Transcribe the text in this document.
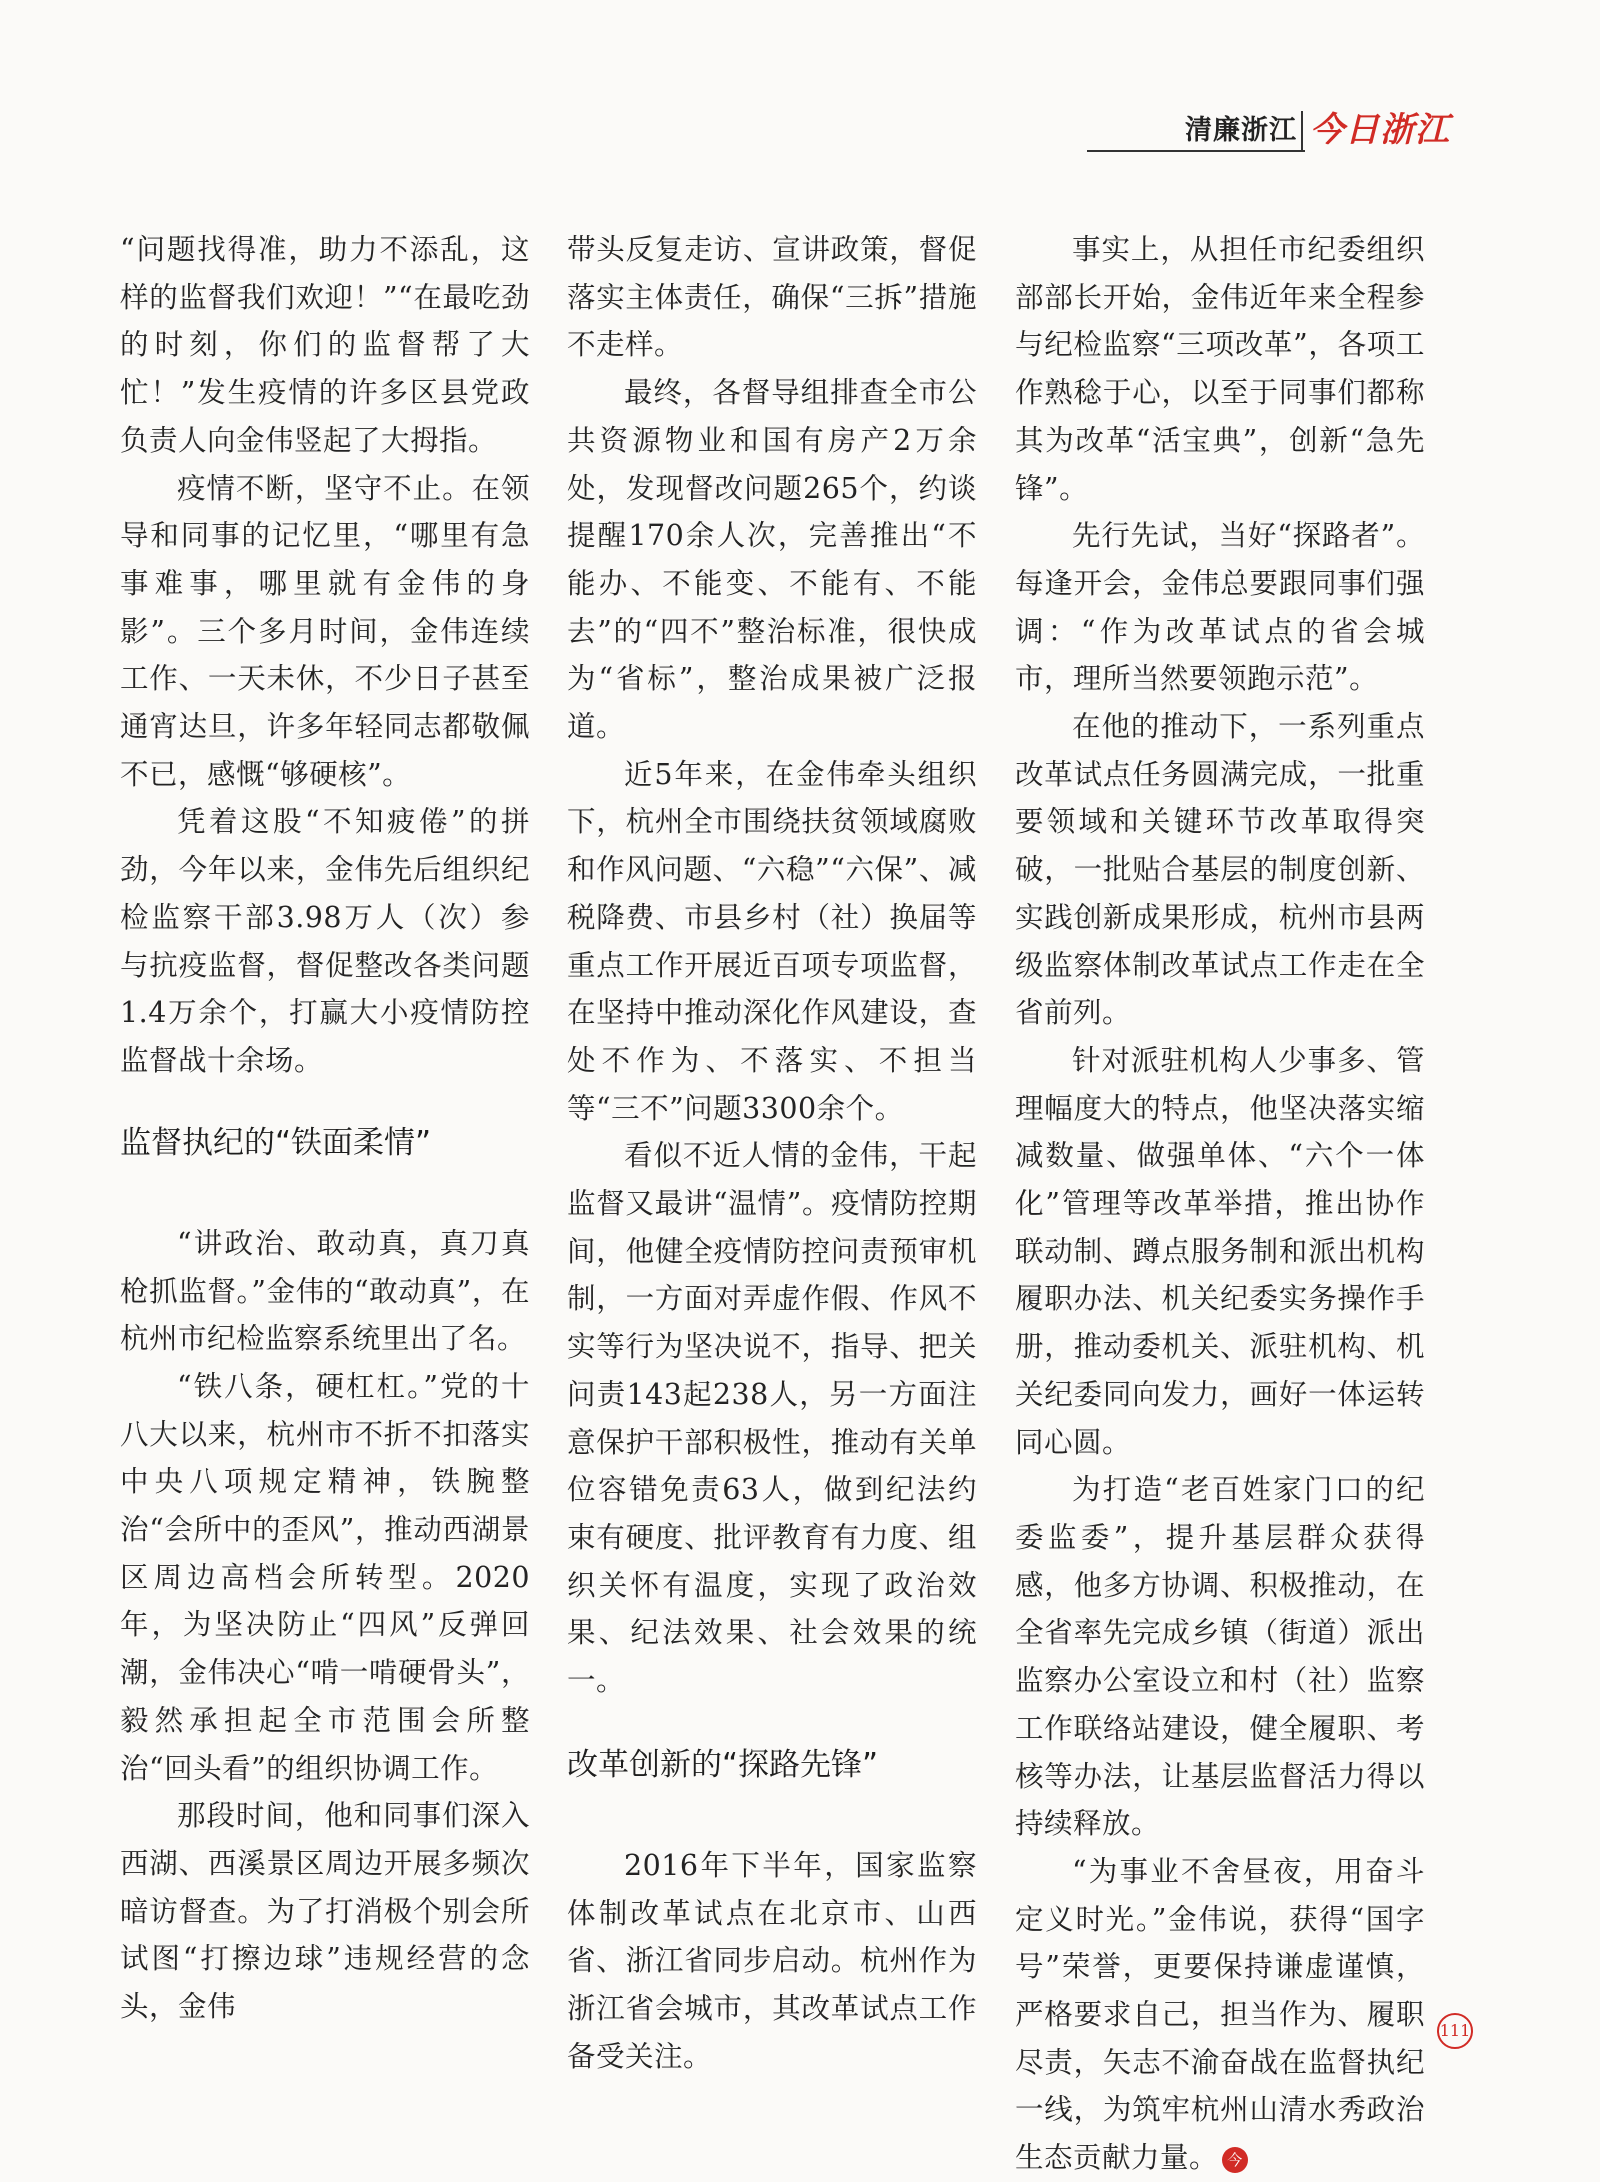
清廉浙江 今日浙江

“问题找得准，助力不添乱，这样的监督我们欢迎！”“在最吃劲的时刻，你们的监督帮了大忙！”发生疫情的许多区县党政负责人向金伟竖起了大拇指。

疫情不断，坚守不止。在领导和同事的记忆里，“哪里有急事难事，哪里就有金伟的身影”。三个多月时间，金伟连续工作、一天未休，不少日子甚至通宵达旦，许多年轻同志都敬佩不已，感慨“够硬核”。

凭着这股“不知疲倦”的拼劲，今年以来，金伟先后组织纪检监察干部3.98万人（次）参与抗疫监督，督促整改各类问题1.4万余个，打赢大小疫情防控监督战十余场。

监督执纪的“铁面柔情”

“讲政治、敢动真，真刀真枪抓监督。”金伟的“敢动真”，在杭州市纪检监察系统里出了名。

“铁八条，硬杠杠。”党的十八大以来，杭州市不折不扣落实中央八项规定精神，铁腕整治“会所中的歪风”，推动西湖景区周边高档会所转型。2020年，为坚决防止“四风”反弹回潮，金伟决心“啃一啃硬骨头”，毅然承担起全市范围会所整治“回头看”的组织协调工作。

那段时间，他和同事们深入西湖、西溪景区周边开展多频次暗访督查。为了打消极个别会所试图“打擦边球”违规经营的念头，金伟

带头反复走访、宣讲政策，督促落实主体责任，确保“三拆”措施不走样。

最终，各督导组排查全市公共资源物业和国有房产2万余处，发现督改问题265个，约谈提醒170余人次，完善推出“不能办、不能变、不能有、不能去”的“四不”整治标准，很快成为“省标”，整治成果被广泛报道。

近5年来，在金伟牵头组织下，杭州全市围绕扶贫领域腐败和作风问题、“六稳”“六保”、减税降费、市县乡村（社）换届等重点工作开展近百项专项监督，在坚持中推动深化作风建设，查处不作为、不落实、不担当等“三不”问题3300余个。

看似不近人情的金伟，干起监督又最讲“温情”。疫情防控期间，他健全疫情防控问责预审机制，一方面对弄虚作假、作风不实等行为坚决说不，指导、把关问责143起238人，另一方面注意保护干部积极性，推动有关单位容错免责63人，做到纪法约束有硬度、批评教育有力度、组织关怀有温度，实现了政治效果、纪法效果、社会效果的统一。

改革创新的“探路先锋”

2016年下半年，国家监察体制改革试点在北京市、山西省、浙江省同步启动。杭州作为浙江省会城市，其改革试点工作备受关注。

事实上，从担任市纪委组织部部长开始，金伟近年来全程参与纪检监察“三项改革”，各项工作熟稔于心，以至于同事们都称其为改革“活宝典”，创新“急先锋”。

先行先试，当好“探路者”。每逢开会，金伟总要跟同事们强调：“作为改革试点的省会城市，理所当然要领跑示范”。

在他的推动下，一系列重点改革试点任务圆满完成，一批重要领域和关键环节改革取得突破，一批贴合基层的制度创新、实践创新成果形成，杭州市县两级监察体制改革试点工作走在全省前列。

针对派驻机构人少事多、管理幅度大的特点，他坚决落实缩减数量、做强单体、“六个一体化”管理等改革举措，推出协作联动制、蹲点服务制和派出机构履职办法、机关纪委实务操作手册，推动委机关、派驻机构、机关纪委同向发力，画好一体运转同心圆。

为打造“老百姓家门口的纪委监委”，提升基层群众获得感，他多方协调、积极推动，在全省率先完成乡镇（街道）派出监察办公室设立和村（社）监察工作联络站建设，健全履职、考核等办法，让基层监督活力得以持续释放。

“为事业不舍昼夜，用奋斗定义时光。”金伟说，获得“国字号”荣誉，更要保持谦虚谨慎，严格要求自己，担当作为、履职尽责，矢志不渝奋战在监督执纪一线，为筑牢杭州山清水秀政治生态贡献力量。 今

111
